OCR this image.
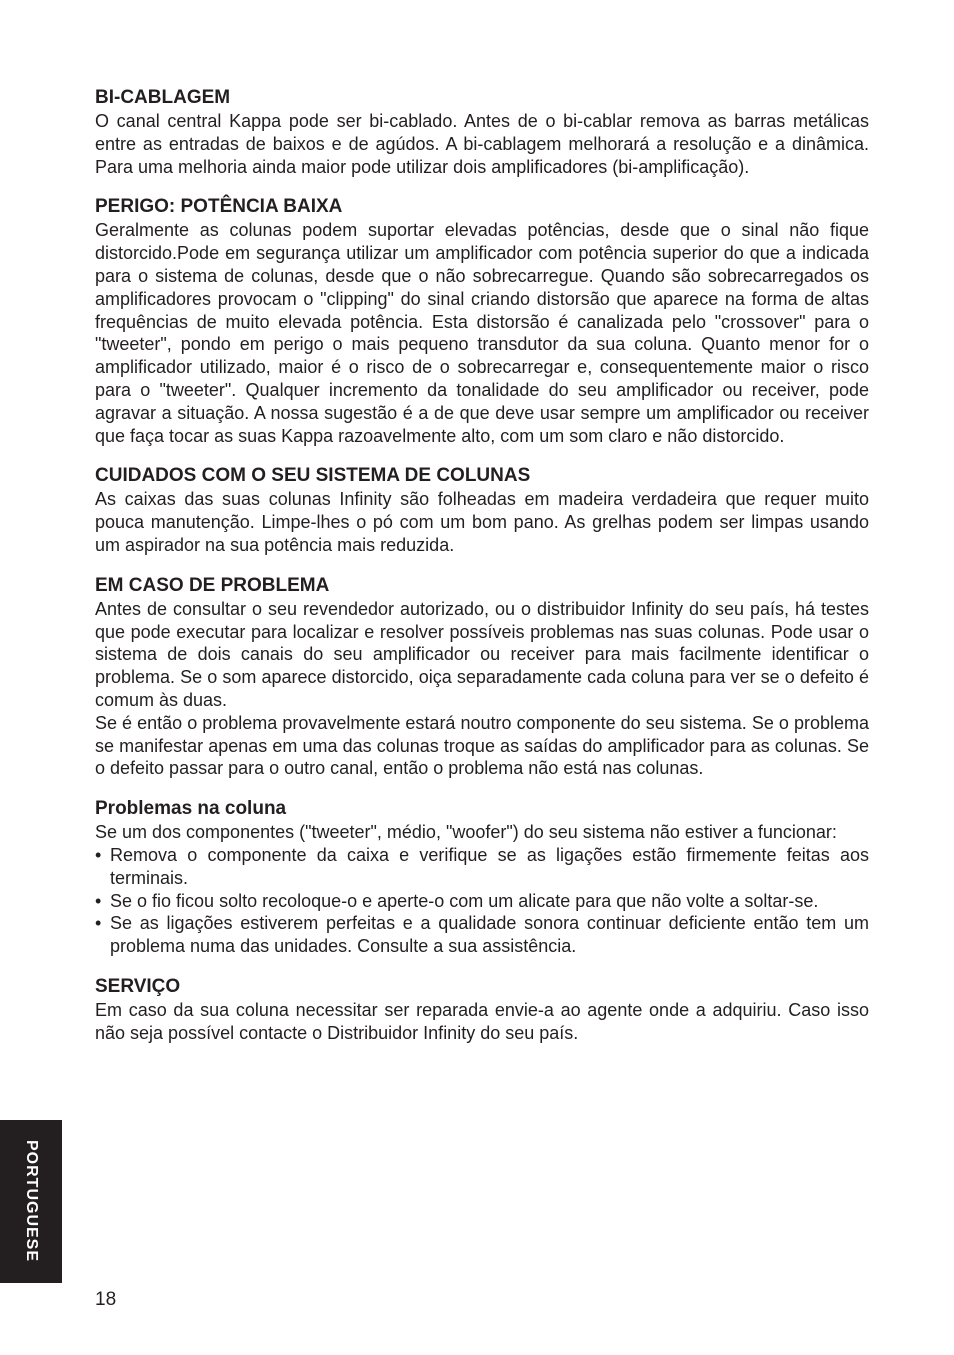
BI-CABLAGEM

O canal central Kappa pode ser bi-cablado. Antes de o bi-cablar remova as barras metálicas entre as entradas de baixos e de agúdos. A bi-cablagem melhorará a resolução e a dinâmica. Para uma melhoria ainda maior pode utilizar dois amplificadores (bi-amplificação).

PERIGO: POTÊNCIA BAIXA

Geralmente as colunas podem suportar elevadas potências, desde que o sinal não fique distorcido.Pode em segurança utilizar um amplificador com potência superior do que a indicada para o sistema de colunas, desde que o não sobrecarregue. Quando são sobrecarregados os amplificadores provocam o "clipping" do sinal criando distorsão que aparece na forma de altas frequências de muito elevada potência. Esta distorsão é canalizada pelo "crossover" para o "tweeter", pondo em perigo o mais pequeno transdutor da sua coluna. Quanto menor for o amplificador utilizado, maior é o risco de o sobrecarregar e, consequentemente maior o risco para o "tweeter". Qualquer incremento da tonalidade do seu amplificador ou receiver, pode agravar a situação. A nossa sugestão é a de que deve usar sempre um amplificador ou receiver que faça tocar as suas Kappa razoavelmente alto, com um som claro e não distorcido.

CUIDADOS COM O SEU SISTEMA DE COLUNAS

As caixas das suas colunas Infinity são folheadas em madeira verdadeira que requer muito pouca manutenção. Limpe-lhes o pó com um bom pano. As grelhas podem ser limpas usando um aspirador na sua potência mais reduzida.

EM CASO DE PROBLEMA

Antes de consultar o seu revendedor autorizado, ou o distribuidor Infinity do seu país, há testes que pode executar para localizar e resolver possíveis problemas nas suas colunas. Pode usar o sistema de dois canais do seu amplificador ou receiver para mais facilmente identificar o problema. Se o som aparece distorcido, oiça separadamente cada coluna para ver se o defeito é comum às duas.

Se é então o problema provavelmente estará noutro componente do seu sistema. Se o problema se manifestar apenas em uma das colunas troque as saídas do amplificador para as colunas. Se o defeito passar para o outro canal, então o problema não está nas colunas.

Problemas na coluna

Se um dos componentes ("tweeter", médio, "woofer") do seu sistema não estiver a funcionar:

• Remova o componente da caixa e verifique se as ligações estão firmemente feitas aos terminais.
• Se o fio ficou solto recoloque-o e aperte-o com um alicate para que não volte a soltar-se.
• Se as ligações estiverem perfeitas e a qualidade sonora continuar deficiente então tem um problema numa das unidades. Consulte a sua assistência.
SERVIÇO

Em caso da sua coluna necessitar ser reparada envie-a ao agente onde a adquiriu. Caso isso não seja possível contacte o Distribuidor Infinity do seu país.

PORTUGUESE
18
